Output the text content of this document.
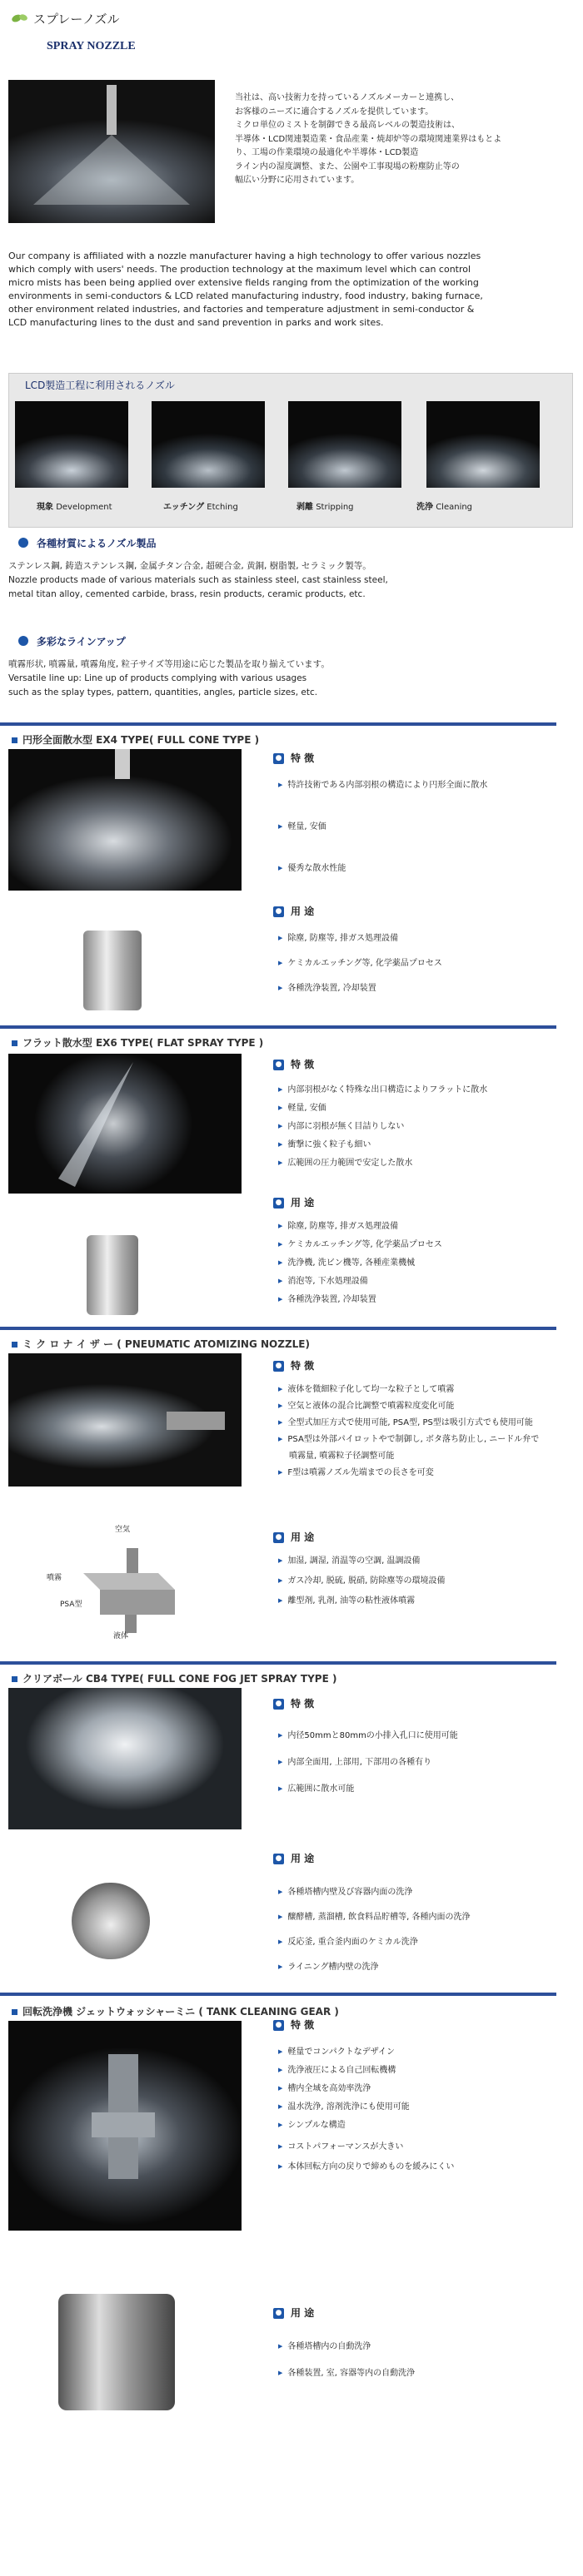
スプレーノズル
SPRAY NOZZLE
当社は、高い技術力を持っているノズルメーカーと連携し、
お客様のニーズに適合するノズルを提供しています。
ミクロ単位のミストを制御できる最高レベルの製造技術は、
半導体・LCD関連製造業・食品産業・焼却炉等の環境関連業界はもとよ
り、工場の作業環境の最適化や半導体・LCD製造
ライン内の湿度調整、また、公園や工事現場の粉塵防止等の
幅広い分野に応用されています。
Our company is affiliated with a nozzle manufacturer having a high technology to offer various nozzles
which comply with users' needs. The production technology at the maximum level which can control
micro mists has been being applied over extensive fields ranging from the optimization of the working
environments in semi-conductors & LCD related manufacturing industry, food industry, baking furnace,
other environment related industries, and factories and temperature adjustment in semi-conductor &
LCD manufacturing lines to the dust and sand prevention in parks and work sites.
LCD製造工程に利用されるノズル
現象 Development	エッチング Etching	剥離 Stripping	洗浄 Cleaning
各種材質によるノズル製品
ステンレス鋼, 鋳造ステンレス鋼, 金属チタン合金, 超硬合金, 黄銅, 樹脂製, セラミック製等。
Nozzle products made of various materials such as stainless steel, cast stainless steel,
metal titan alloy, cemented carbide, brass, resin products, ceramic products, etc.
多彩なラインアップ
噴霧形状, 噴霧量, 噴霧角度, 粒子サイズ等用途に応じた製品を取り揃えています。
Versatile line up: Line up of products complying with various usages
such as the splay types, pattern, quantities, angles, particle sizes, etc.
円形全面散水型 EX4 TYPE( FULL CONE TYPE )
● 特 徴
▶ 特許技術である内部羽根の構造により円形全面に散水
▶ 軽量, 安価
▶ 優秀な散水性能
● 用 途
▶ 除塵, 防塵等, 排ガス処理設備
▶ ケミカルエッチング等, 化学薬品プロセス
▶ 各種洗浄装置, 冷却装置
フラット散水型 EX6 TYPE( FLAT SPRAY TYPE )
● 特 徴
▶ 内部羽根がなく特殊な出口構造によりフラットに散水
▶ 軽量, 安価
▶ 内部に羽根が無く目詰りしない
▶ 衝撃に強く粒子も細い
▶ 広範囲の圧力範囲で安定した散水
● 用 途
▶ 除塵, 防塵等, 排ガス処理設備
▶ ケミカルエッチング等, 化学薬品プロセス
▶ 洗浄機, 洗ビン機等, 各種産業機械
▶ 消泡等, 下水処理設備
▶ 各種洗浄装置, 冷却装置
ミ ク ロ ナ イ ザ ー ( PNEUMATIC ATOMIZING NOZZLE)
空気
噴霧
PSA型
液体
● 特 徴
▶ 液体を微細粒子化して均一な粒子として噴霧
▶ 空気と液体の混合比調整で噴霧粒度変化可能
▶ 全型式加圧方式で使用可能, PSA型, PS型は吸引方式でも使用可能
▶ PSA型は外部パイロットやで制御し, ボタ落ち防止し, ニードル弁で
噴霧量, 噴霧粒子径調整可能
▶ F型は噴霧ノズル先端までの長さを可変
● 用 途
▶ 加湿, 調湿, 消温等の空調, 温調設備
▶ ガス冷却, 脱硫, 脱硝, 防除塵等の環境設備
▶ 離型剤, 乳剤, 油等の粘性液体噴霧
クリアボール CB4 TYPE( FULL CONE FOG JET SPRAY TYPE )
● 特 徴
▶ 内径50mmと80mmの小排入孔口に使用可能
▶ 内部全面用, 上部用, 下部用の各種有り
▶ 広範囲に散水可能
● 用 途
▶ 各種塔槽内壁及び容器内面の洗浄
▶ 醸酵槽, 蒸溜槽, 飲食料品貯槽等, 各種内面の洗浄
▶ 反応釜, 重合釜内面のケミカル洗浄
▶ ライニング槽内壁の洗浄
回転洗浄機 ジェットウォッシャーミニ ( TANK CLEANING GEAR )
● 特 徴
▶ 軽量でコンパクトなデザイン
▶ 洗浄液圧による自己回転機構
▶ 槽内全域を高効率洗浄
▶ 温水洗浄, 溶剤洗浄にも使用可能
▶ シンプルな構造
▶ コストパフォーマンスが大きい
▶ 本体回転方向の戻りで締めものを緩みにくい
● 用 途
▶ 各種塔槽内の自動洗浄
▶ 各種装置, 室, 容器等内の自動洗浄
